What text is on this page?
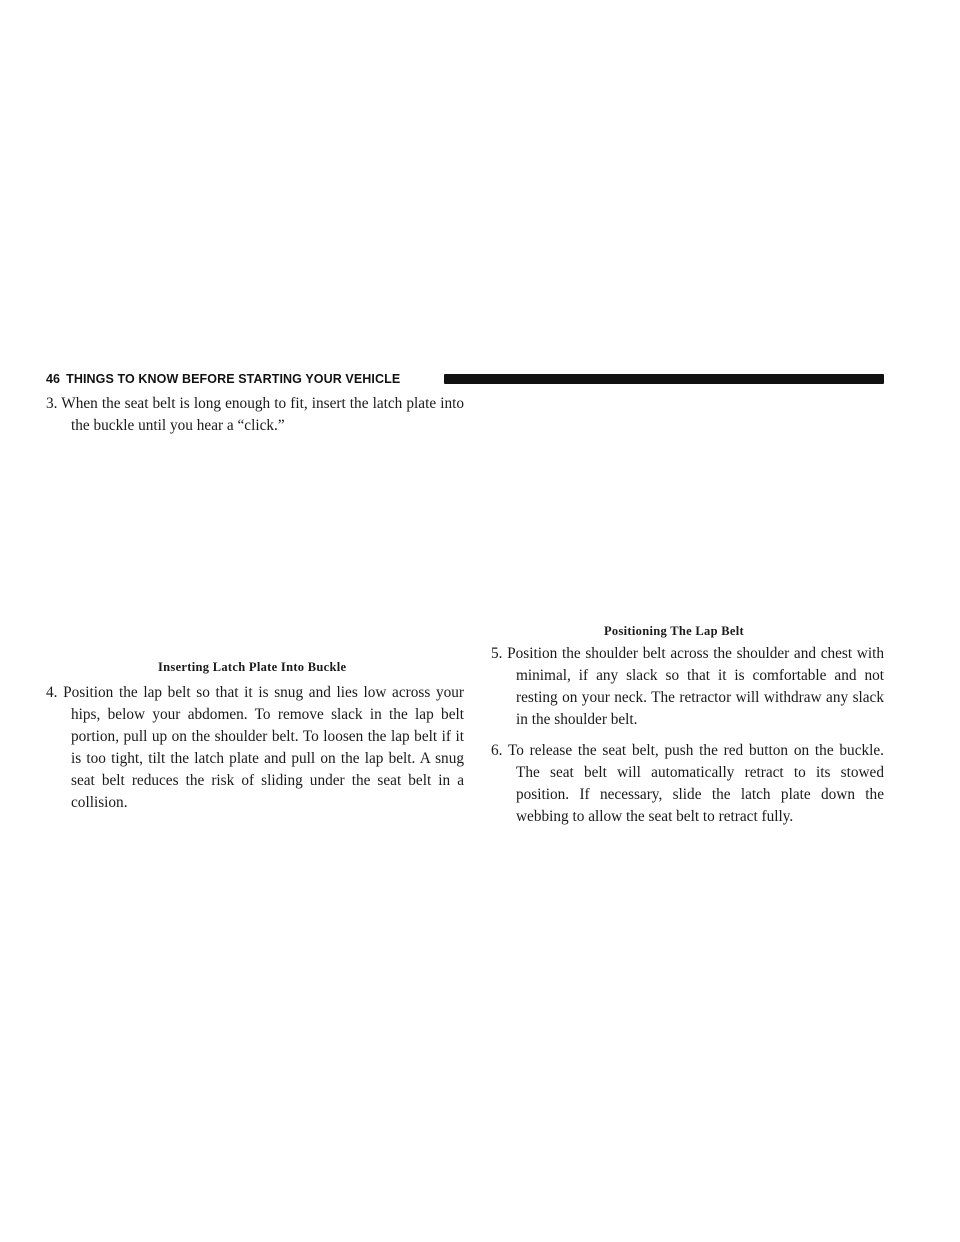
46 THINGS TO KNOW BEFORE STARTING YOUR VEHICLE

3. When the seat belt is long enough to fit, insert the latch plate into the buckle until you hear a “click.”

Inserting Latch Plate Into Buckle

4. Position the lap belt so that it is snug and lies low across your hips, below your abdomen. To remove slack in the lap belt portion, pull up on the shoulder belt. To loosen the lap belt if it is too tight, tilt the latch plate and pull on the lap belt. A snug seat belt reduces the risk of sliding under the seat belt in a collision.

Positioning The Lap Belt

5. Position the shoulder belt across the shoulder and chest with minimal, if any slack so that it is comfortable and not resting on your neck. The retractor will withdraw any slack in the shoulder belt.

6. To release the seat belt, push the red button on the buckle. The seat belt will automatically retract to its stowed position. If necessary, slide the latch plate down the webbing to allow the seat belt to retract fully.
